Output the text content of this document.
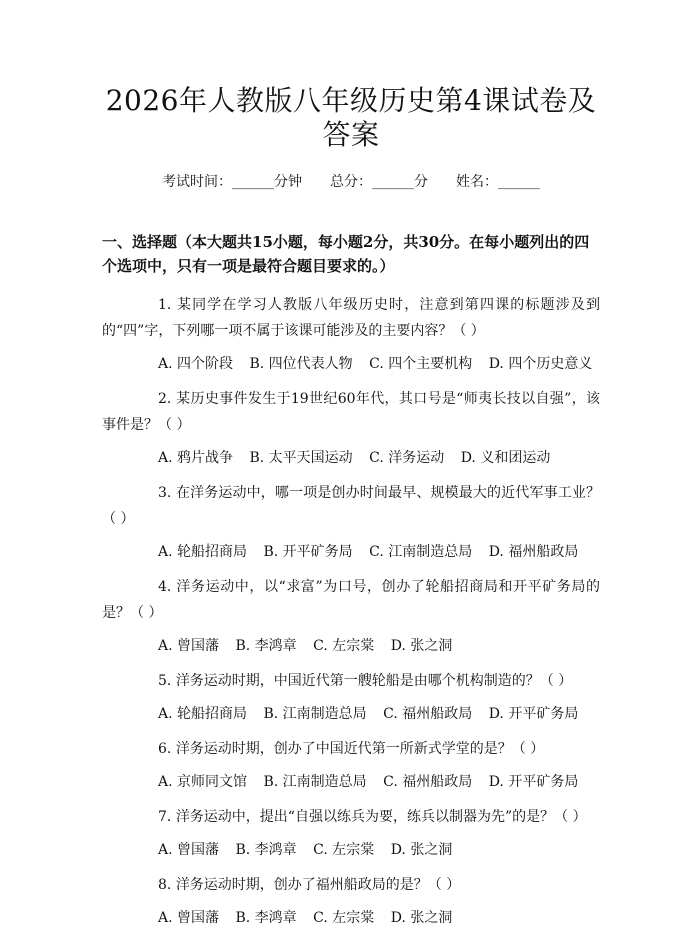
2026年人教版八年级历史第4课试卷及答案
考试时间：______分钟 总分：______分 姓名：______
一、选择题（本大题共15小题，每小题2分，共30分。在每小题列出的四个选项中，只有一项是最符合题目要求的。）
1. 某同学在学习人教版八年级历史时，注意到第四课的标题涉及到的“四”字，下列哪一项不属于该课可能涉及的主要内容？（ ）
A. 四个阶段 B. 四位代表人物 C. 四个主要机构 D. 四个历史意义
2. 某历史事件发生于19世纪60年代，其口号是“师夷长技以自强”，该事件是？（ ）
A. 鸦片战争 B. 太平天国运动 C. 洋务运动 D. 义和团运动
3. 在洋务运动中，哪一项是创办时间最早、规模最大的近代军事工业？（ ）
A. 轮船招商局 B. 开平矿务局 C. 江南制造总局 D. 福州船政局
4. 洋务运动中，以“求富”为口号，创办了轮船招商局和开平矿务局的是？（ ）
A. 曾国藩 B. 李鸿章 C. 左宗棠 D. 张之洞
5. 洋务运动时期，中国近代第一艘轮船是由哪个机构制造的？（ ）
A. 轮船招商局 B. 江南制造总局 C. 福州船政局 D. 开平矿务局
6. 洋务运动时期，创办了中国近代第一所新式学堂的是？（ ）
A. 京师同文馆 B. 江南制造总局 C. 福州船政局 D. 开平矿务局
7. 洋务运动中，提出“自强以练兵为要，练兵以制器为先”的是？（ ）
A. 曾国藩 B. 李鸿章 C. 左宗棠 D. 张之洞
8. 洋务运动时期，创办了福州船政局的是？（ ）
A. 曾国藩 B. 李鸿章 C. 左宗棠 D. 张之洞
